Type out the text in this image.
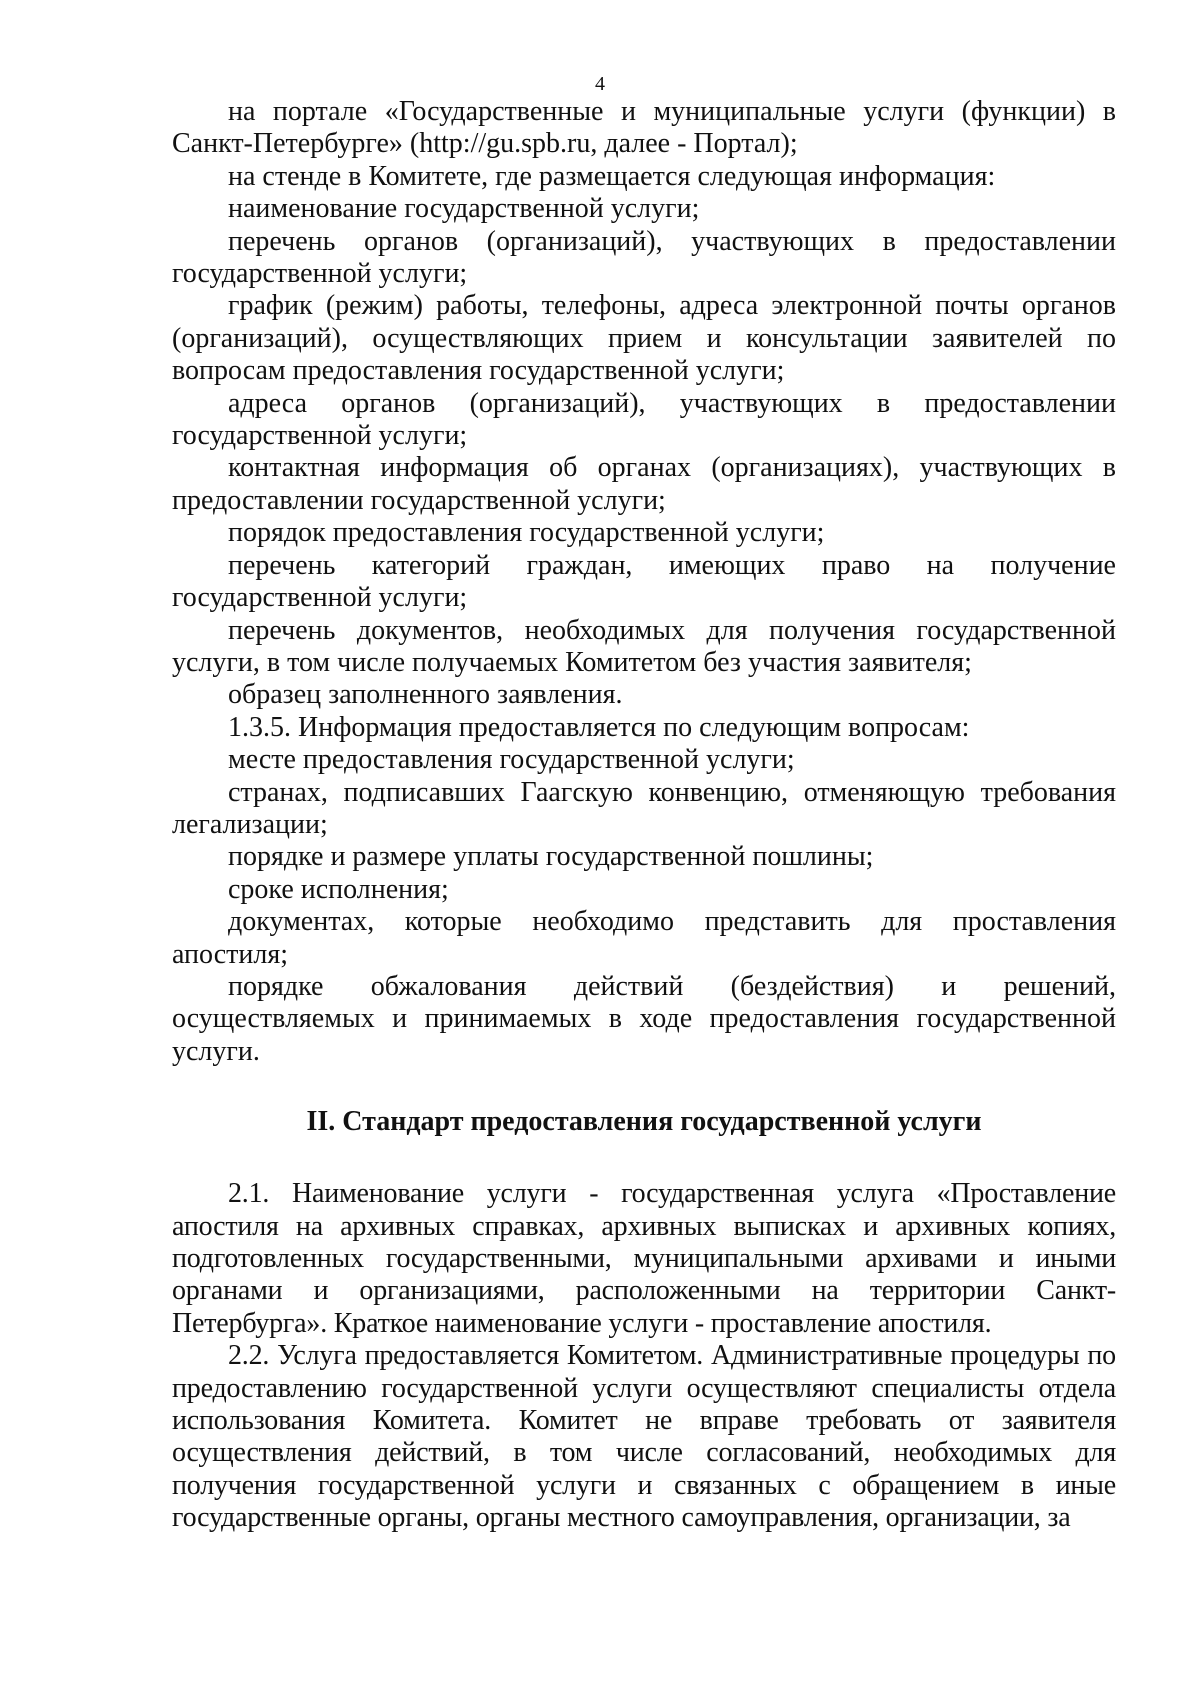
4

на портале «Государственные и муниципальные услуги (функции) в Санкт-Петербурге» (http://gu.spb.ru, далее - Портал);

на стенде в Комитете, где размещается следующая информация:

наименование государственной услуги;

перечень органов (организаций), участвующих в предоставлении государственной услуги;

график (режим) работы, телефоны, адреса электронной почты органов (организаций), осуществляющих прием и консультации заявителей по вопросам предоставления государственной услуги;

адреса органов (организаций), участвующих в предоставлении государственной услуги;

контактная информация об органах (организациях), участвующих в предоставлении государственной услуги;

порядок предоставления государственной услуги;

перечень категорий граждан, имеющих право на получение государственной услуги;

перечень документов, необходимых для получения государственной услуги, в том числе получаемых Комитетом без участия заявителя;

образец заполненного заявления.

1.3.5. Информация предоставляется по следующим вопросам:

месте предоставления государственной услуги;

странах, подписавших Гаагскую конвенцию, отменяющую требования легализации;

порядке и размере уплаты государственной пошлины;

сроке исполнения;

документах, которые необходимо представить для проставления апостиля;

порядке обжалования действий (бездействия) и решений, осуществляемых и принимаемых в ходе предоставления государственной услуги.

II. Стандарт предоставления государственной услуги

2.1. Наименование услуги - государственная услуга «Проставление апостиля на архивных справках, архивных выписках и архивных копиях, подготовленных государственными, муниципальными архивами и иными органами и организациями, расположенными на территории Санкт-Петербурга». Краткое наименование услуги - проставление апостиля.

2.2. Услуга предоставляется Комитетом. Административные процедуры по предоставлению государственной услуги осуществляют специалисты отдела использования Комитета. Комитет не вправе требовать от заявителя осуществления действий, в том числе согласований, необходимых для получения государственной услуги и связанных с обращением в иные государственные органы, органы местного самоуправления, организации, за
